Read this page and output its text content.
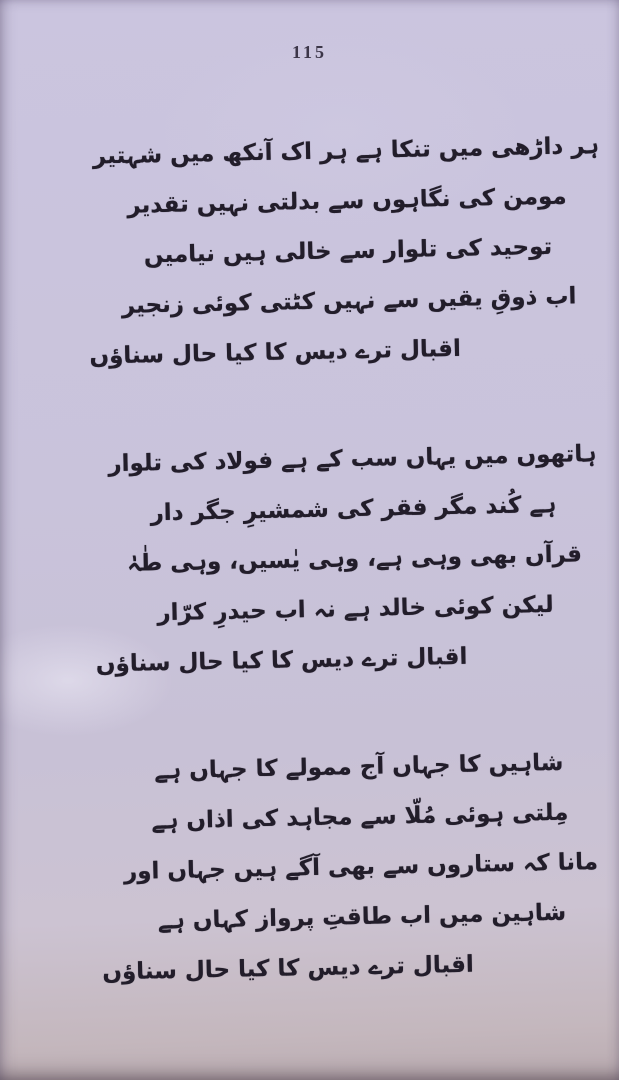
115
ہر داڑھی میں تنکا ہے ہر اک آنکھ میں شہتیر
مومن کی نگاہوں سے بدلتی نہیں تقدیر
توحید کی تلوار سے خالی ہیں نیامیں
اب ذوقِ یقیں سے نہیں کٹتی کوئی زنجیر
اقبال ترے دیس کا کیا حال سناؤں
ہاتھوں میں یہاں سب کے ہے فولاد کی تلوار
ہے کُند مگر فقر کی شمشیرِ جگر دار
قرآں بھی وہی ہے، وہی یٰسیں، وہی طٰہٰ
لیکن کوئی خالد ہے نہ اب حیدرِ کرّار
اقبال ترے دیس کا کیا حال سناؤں
شاہیں کا جہاں آج ممولے کا جہاں ہے
مِلتی ہوئی مُلّا سے مجاہد کی اذاں ہے
مانا کہ ستاروں سے بھی آگے ہیں جہاں اور
شاہین میں اب طاقتِ پرواز کہاں ہے
اقبال ترے دیس کا کیا حال سناؤں
